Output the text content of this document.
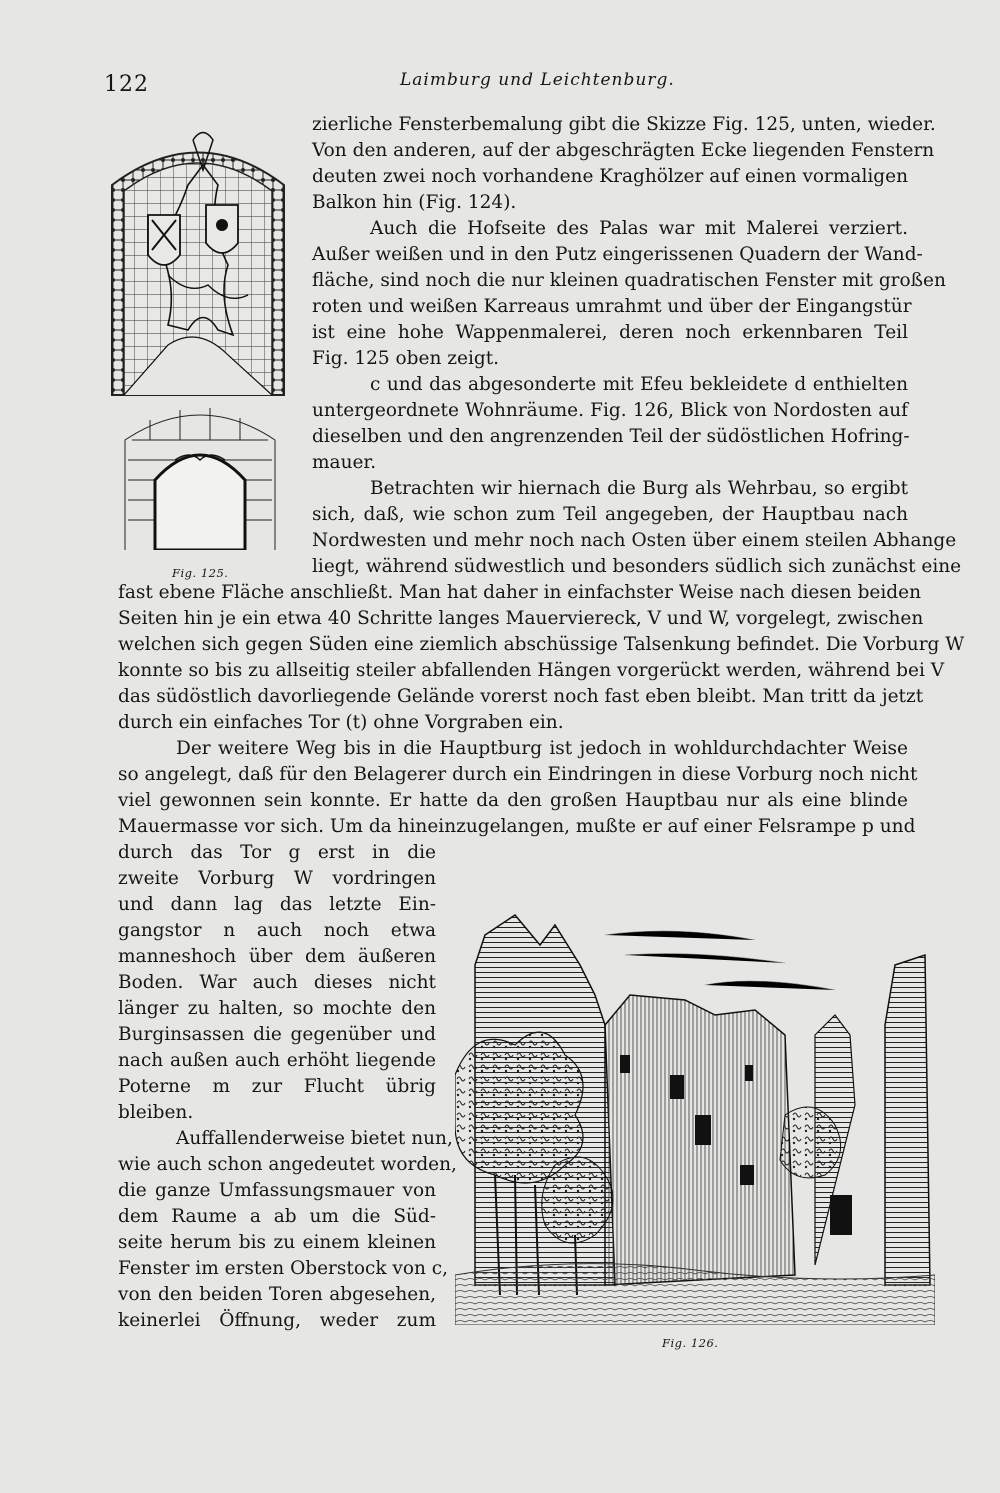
122	Laimburg und Leichtenburg.
Fig. 125.
zierliche Fensterbemalung gibt die Skizze Fig. 125, unten, wieder.
Von den anderen, auf der abgeschrägten Ecke liegenden Fenstern
deuten zwei noch vorhandene Kraghölzer auf einen vormaligen
Balkon hin (Fig. 124).
Auch die Hofseite des Palas war mit Malerei verziert.
Außer weißen und in den Putz eingerissenen Quadern der Wand-
fläche, sind noch die nur kleinen quadratischen Fenster mit großen
roten und weißen Karreaus umrahmt und über der Eingangstür
ist eine hohe Wappenmalerei, deren noch erkennbaren Teil
Fig. 125 oben zeigt.
c und das abgesonderte mit Efeu bekleidete d enthielten
untergeordnete Wohnräume. Fig. 126, Blick von Nordosten auf
dieselben und den angrenzenden Teil der südöstlichen Hofring-
mauer.
Betrachten wir hiernach die Burg als Wehrbau, so ergibt
sich, daß, wie schon zum Teil angegeben, der Hauptbau nach
Nordwesten und mehr noch nach Osten über einem steilen Abhange
liegt, während südwestlich und besonders südlich sich zunächst eine
fast ebene Fläche anschließt. Man hat daher in einfachster Weise nach diesen beiden
Seiten hin je ein etwa 40 Schritte langes Mauerviereck, V und W, vorgelegt, zwischen
welchen sich gegen Süden eine ziemlich abschüssige Talsenkung befindet. Die Vorburg W
konnte so bis zu allseitig steiler abfallenden Hängen vorgerückt werden, während bei V
das südöstlich davorliegende Gelände vorerst noch fast eben bleibt. Man tritt da jetzt
durch ein einfaches Tor (t) ohne Vorgraben ein.
Der weitere Weg bis in die Hauptburg ist jedoch in wohldurchdachter Weise
so angelegt, daß für den Belagerer durch ein Eindringen in diese Vorburg noch nicht
viel gewonnen sein konnte. Er hatte da den großen Hauptbau nur als eine blinde
Mauermasse vor sich. Um da hineinzugelangen, mußte er auf einer Felsrampe p und
durch das Tor g erst in die
zweite Vorburg W vordringen
und dann lag das letzte Ein-
gangstor n auch noch etwa
manneshoch über dem äußeren
Boden. War auch dieses nicht
länger zu halten, so mochte den
Burginsassen die gegenüber und
nach außen auch erhöht liegende
Poterne m zur Flucht übrig
bleiben.
Auffallenderweise bietet nun,
wie auch schon angedeutet worden,
die ganze Umfassungsmauer von
dem Raume a ab um die Süd-
seite herum bis zu einem kleinen
Fenster im ersten Oberstock von c,
von den beiden Toren abgesehen,
keinerlei Öffnung, weder zum
Fig. 126.
